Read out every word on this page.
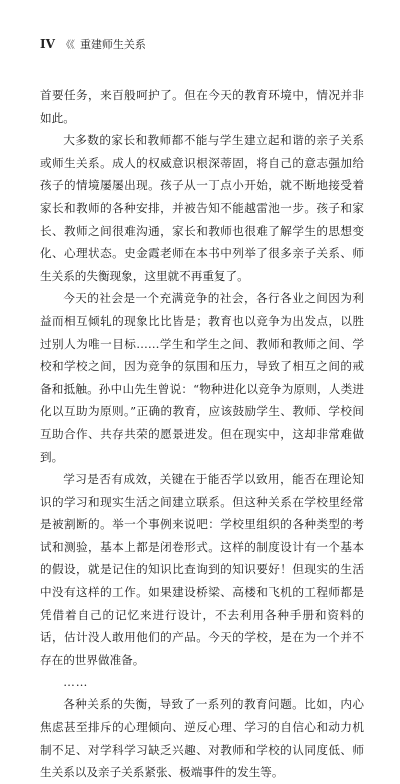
IV 《《 重建师生关系

首要任务，来百般呵护了。但在今天的教育环境中，情况并非如此。

大多数的家长和教师都不能与学生建立起和谐的亲子关系或师生关系。成人的权威意识根深蒂固，将自己的意志强加给孩子的情境屡屡出现。孩子从一丁点小开始，就不断地接受着家长和教师的各种安排，并被告知不能越雷池一步。孩子和家长、教师之间很难沟通，家长和教师也很难了解学生的思想变化、心理状态。史金霞老师在本书中列举了很多亲子关系、师生关系的失衡现象，这里就不再重复了。

今天的社会是一个充满竞争的社会，各行各业之间因为利益而相互倾轧的现象比比皆是；教育也以竞争为出发点，以胜过别人为唯一目标……学生和学生之间、教师和教师之间、学校和学校之间，因为竞争的氛围和压力，导致了相互之间的戒备和抵触。孙中山先生曾说：“物种进化以竞争为原则，人类进化以互助为原则。”正确的教育，应该鼓励学生、教师、学校间互助合作、共存共荣的愿景进发。但在现实中，这却非常难做到。

学习是否有成效，关键在于能否学以致用，能否在理论知识的学习和现实生活之间建立联系。但这种关系在学校里经常是被割断的。举一个事例来说吧：学校里组织的各种类型的考试和测验，基本上都是闭卷形式。这样的制度设计有一个基本的假设，就是记住的知识比查询到的知识要好！但现实的生活中没有这样的工作。如果建设桥梁、高楼和飞机的工程师都是凭借着自己的记忆来进行设计，不去利用各种手册和资料的话，估计没人敢用他们的产品。今天的学校，是在为一个并不存在的世界做准备。

……

各种关系的失衡，导致了一系列的教育问题。比如，内心焦虑甚至排斥的心理倾向、逆反心理、学习的自信心和动力机制不足、对学科学习缺乏兴趣、对教师和学校的认同度低、师生关系以及亲子关系紧张、极端事件的发生等。
